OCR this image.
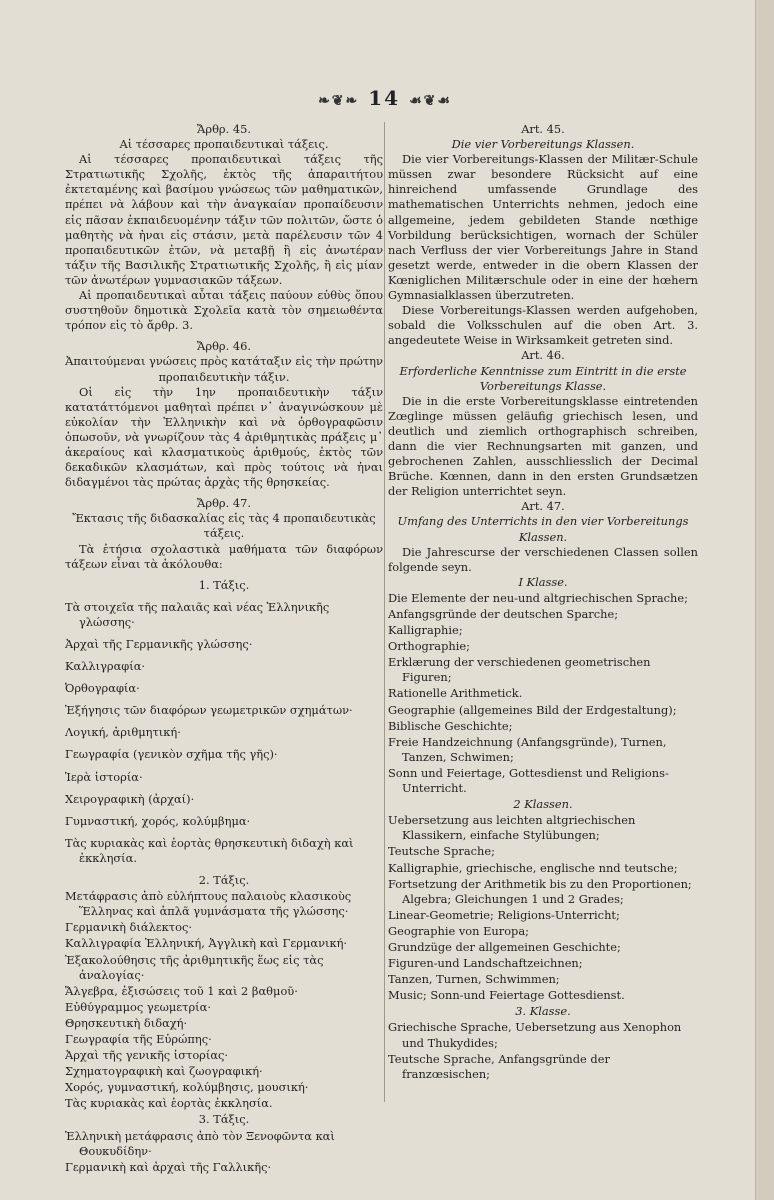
❧❦❧ 14 ☙❦☙
Ἄρθρ. 45.
Αἱ τέσσαρες προπαιδευτικαὶ τάξεις.
Αἱ τέσσαρες προπαιδευτικαὶ τάξεις τῆς Στρατιωτικῆς Σχολῆς, ἐκτὸς τῆς ἀπαραιτήτου ἐκτεταμένης καὶ βασίμου γνώσεως τῶν μαθηματικῶν, πρέπει νὰ λάβουν καὶ τὴν ἀναγκαίαν προπαίδευσιν εἰς πᾶσαν ἐκπαιδευομένην τάξιν τῶν πολιτῶν, ὥστε ὁ μαθητὴς νὰ ἠναι εἰς στάσιν, μετὰ παρέλευσιν τῶν 4 προπαιδευτικῶν ἐτῶν, νὰ μεταβῇ ἢ εἰς ἀνωτέραν τάξιν τῆς Βασιλικῆς Στρατιωτικῆς Σχολῆς, ἢ εἰς μίαν τῶν ἀνωτέρων γυμνασιακῶν τάξεων.
Αἱ προπαιδευτικαὶ αὗται τάξεις παύουν εὐθὺς ὅπου συστηθοῦν δημοτικὰ Σχολεῖα κατὰ τὸν σημειωθέντα τρόπον εἰς τὸ ἄρθρ. 3.
Ἄρθρ. 46.
Ἀπαιτούμεναι γνώσεις πρὸς κατάταξιν εἰς τὴν πρώτην προπαιδευτικὴν τάξιν.
Οἱ εἰς τὴν 1ην προπαιδευτικὴν τάξιν κατατάττόμενοι μαθηταὶ πρέπει ν᾿ ἀναγινώσκουν μὲ εὐκολίαν τὴν Ἑλληνικὴν καὶ νὰ ὀρθογραφῶσιν ὁπωσοῦν, νὰ γνωρίζουν τὰς 4 ἀριθμητικὰς πράξεις μ᾿ ἀκεραίους καὶ κλασματικοὺς ἀριθμούς, ἐκτὸς τῶν δεκαδικῶν κλασμάτων, καὶ πρὸς τούτοις νὰ ἠναι διδαγμένοι τὰς πρώτας ἀρχὰς τῆς θρησκείας.
Ἄρθρ. 47.
Ἔκτασις τῆς διδασκαλίας εἰς τὰς 4 προπαιδευτικὰς τάξεις.
Τὰ ἐτήσια σχολαστικὰ μαθήματα τῶν διαφόρων τάξεων εἶναι τὰ ἀκόλουθα:
1. Τάξις.
Τὰ στοιχεῖα τῆς παλαιᾶς καὶ νέας Ἑλληνικῆς γλώσσης·
Ἀρχαὶ τῆς Γερμανικῆς γλώσσης·
Καλλιγραφία·
Ὀρθογραφία·
Ἐξήγησις τῶν διαφόρων γεωμετρικῶν σχημάτων·
Λογική, ἀριθμητική·
Γεωγραφία (γενικὸν σχῆμα τῆς γῆς)·
Ἱερὰ ἱστορία·
Χειρογραφικὴ (ἀρχαί)·
Γυμναστική, χορός, κολύμβημα·
Τὰς κυριακὰς καὶ ἑορτὰς θρησκευτικὴ διδαχὴ καὶ ἐκκλησία.
2. Τάξις.
Μετάφρασις ἀπὸ εὐλήπτους παλαιοὺς κλασικοὺς Ἕλληνας καὶ ἁπλᾶ γυμνάσματα τῆς γλώσσης·
Γερμανικὴ διάλεκτος·
Καλλιγραφία Ἑλληνική, Ἀγγλικὴ καὶ Γερμανική·
Ἐξακολούθησις τῆς ἀριθμητικῆς ἕως εἰς τὰς ἀναλογίας·
Ἄλγεβρα, ἐξισώσεις τοῦ 1 καὶ 2 βαθμοῦ·
Εὐθύγραμμος γεωμετρία·
Θρησκευτικὴ διδαχή·
Γεωγραφία τῆς Εὐρώπης·
Ἀρχαὶ τῆς γενικῆς ἱστορίας·
Σχηματογραφικὴ καὶ ζωογραφική·
Χορός, γυμναστική, κολύμβησις, μουσική·
Τὰς κυριακὰς καὶ ἑορτὰς ἐκκλησία.
3. Τάξις.
Ἑλληνικὴ μετάφρασις ἀπὸ τὸν Ξενοφῶντα καὶ Θουκυδίδην·
Γερμανικὴ καὶ ἀρχαὶ τῆς Γαλλικῆς·
Art. 45.
Die vier Vorbereitungs Klassen.
Die vier Vorbereitungs-Klassen der Militær-Schule müssen zwar besondere Rücksicht auf eine hinreichend umfassende Grundlage des mathematischen Unterrichts nehmen, jedoch eine allgemeine, jedem gebildeten Stande nœthige Vorbildung berücksichtigen, wornach der Schüler nach Verfluss der vier Vorbereitungs Jahre in Stand gesetzt werde, entweder in die obern Klassen der Kœniglichen Militærschule oder in eine der hœhern Gymnasialklassen überzutreten.
Diese Vorbereitungs-Klassen werden aufgehoben, sobald die Volksschulen auf die oben Art. 3. angedeutete Weise in Wirksamkeit getreten sind.
Art. 46.
Erforderliche Kenntnisse zum Eintritt in die erste Vorbereitungs Klasse.
Die in die erste Vorbereitungsklasse eintretenden Zœglinge müssen geläufig griechisch lesen, und deutlich und ziemlich orthographisch schreiben, dann die vier Rechnungsarten mit ganzen, und gebrochenen Zahlen, ausschliesslich der Decimal Brüche. Kœnnen, dann in den ersten Grundsætzen der Religion unterrichtet seyn.
Art. 47.
Umfang des Unterrichts in den vier Vorbereitungs Klassen.
Die Jahrescurse der verschiedenen Classen sollen folgende seyn.
I Klasse.
Die Elemente der neu-und altgriechischen Sprache;
Anfangsgründe der deutschen Sparche;
Kalligraphie;
Orthographie;
Erklærung der verschiedenen geometrischen Figuren;
Rationelle Arithmetick.
Geographie (allgemeines Bild der Erdgestaltung);
Biblische Geschichte;
Freie Handzeichnung (Anfangsgründe), Turnen, Tanzen, Schwimen;
Sonn und Feiertage, Gottesdienst und Religions-Unterricht.
2 Klassen.
Uebersetzung aus leichten altgriechischen Klassikern, einfache Stylübungen;
Teutsche Sprache;
Kalligraphie, griechische, englische nnd teutsche;
Fortsetzung der Arithmetik bis zu den Proportionen; Algebra; Gleichungen 1 und 2 Grades;
Linear-Geometrie; Religions-Unterricht;
Geographie von Europa;
Grundzüge der allgemeinen Geschichte;
Figuren-und Landschaftzeichnen;
Tanzen, Turnen, Schwimmen;
Music; Sonn-und Feiertage Gottesdienst.
3. Klasse.
Griechische Sprache, Uebersetzung aus Xenophon und Thukydides;
Teutsche Sprache, Anfangsgründe der franzœsischen;
